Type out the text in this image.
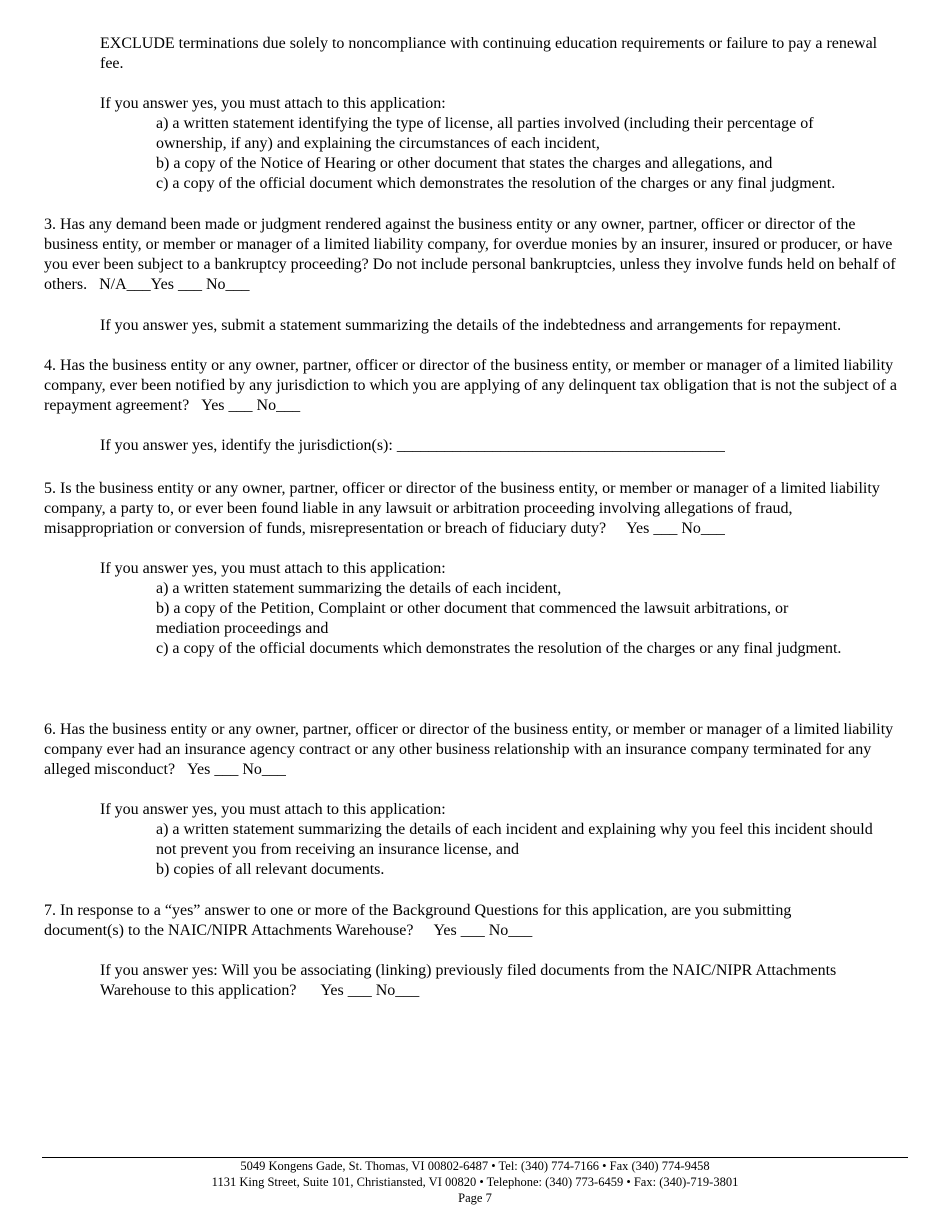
EXCLUDE terminations due solely to noncompliance with continuing education requirements or failure to pay a renewal fee.

If you answer yes, you must attach to this application:

a) a written statement identifying the type of license, all parties involved (including their percentage of ownership, if any) and explaining the circumstances of each incident,

b) a copy of the Notice of Hearing or other document that states the charges and allegations, and

c) a copy of the official document which demonstrates the resolution of the charges or any final judgment.

3. Has any demand been made or judgment rendered against the business entity or any owner, partner, officer or director of the business entity, or member or manager of a limited liability company, for overdue monies by an insurer, insured or producer, or have you ever been subject to a bankruptcy proceeding? Do not include personal bankruptcies, unless they involve funds held on behalf of others. N/A___Yes ___ No___

If you answer yes, submit a statement summarizing the details of the indebtedness and arrangements for repayment.

4. Has the business entity or any owner, partner, officer or director of the business entity, or member or manager of a limited liability company, ever been notified by any jurisdiction to which you are applying of any delinquent tax obligation that is not the subject of a repayment agreement? Yes ___ No___

If you answer yes, identify the jurisdiction(s): _________________________________________

5. Is the business entity or any owner, partner, officer or director of the business entity, or member or manager of a limited liability company, a party to, or ever been found liable in any lawsuit or arbitration proceeding involving allegations of fraud, misappropriation or conversion of funds, misrepresentation or breach of fiduciary duty? Yes ___ No___

If you answer yes, you must attach to this application:

a) a written statement summarizing the details of each incident,

b) a copy of the Petition, Complaint or other document that commenced the lawsuit arbitrations, or mediation proceedings and

c) a copy of the official documents which demonstrates the resolution of the charges or any final judgment.

6. Has the business entity or any owner, partner, officer or director of the business entity, or member or manager of a limited liability company ever had an insurance agency contract or any other business relationship with an insurance company terminated for any alleged misconduct? Yes ___ No___

If you answer yes, you must attach to this application:

a) a written statement summarizing the details of each incident and explaining why you feel this incident should not prevent you from receiving an insurance license, and

b) copies of all relevant documents.

7. In response to a “yes” answer to one or more of the Background Questions for this application, are you submitting document(s) to the NAIC/NIPR Attachments Warehouse? Yes ___ No___

If you answer yes: Will you be associating (linking) previously filed documents from the NAIC/NIPR Attachments Warehouse to this application? Yes ___ No___

5049 Kongens Gade, St. Thomas, VI 00802-6487 • Tel: (340) 774-7166 • Fax (340) 774-9458
1131 King Street, Suite 101, Christiansted, VI 00820 • Telephone: (340) 773-6459 • Fax: (340)-719-3801
Page 7
